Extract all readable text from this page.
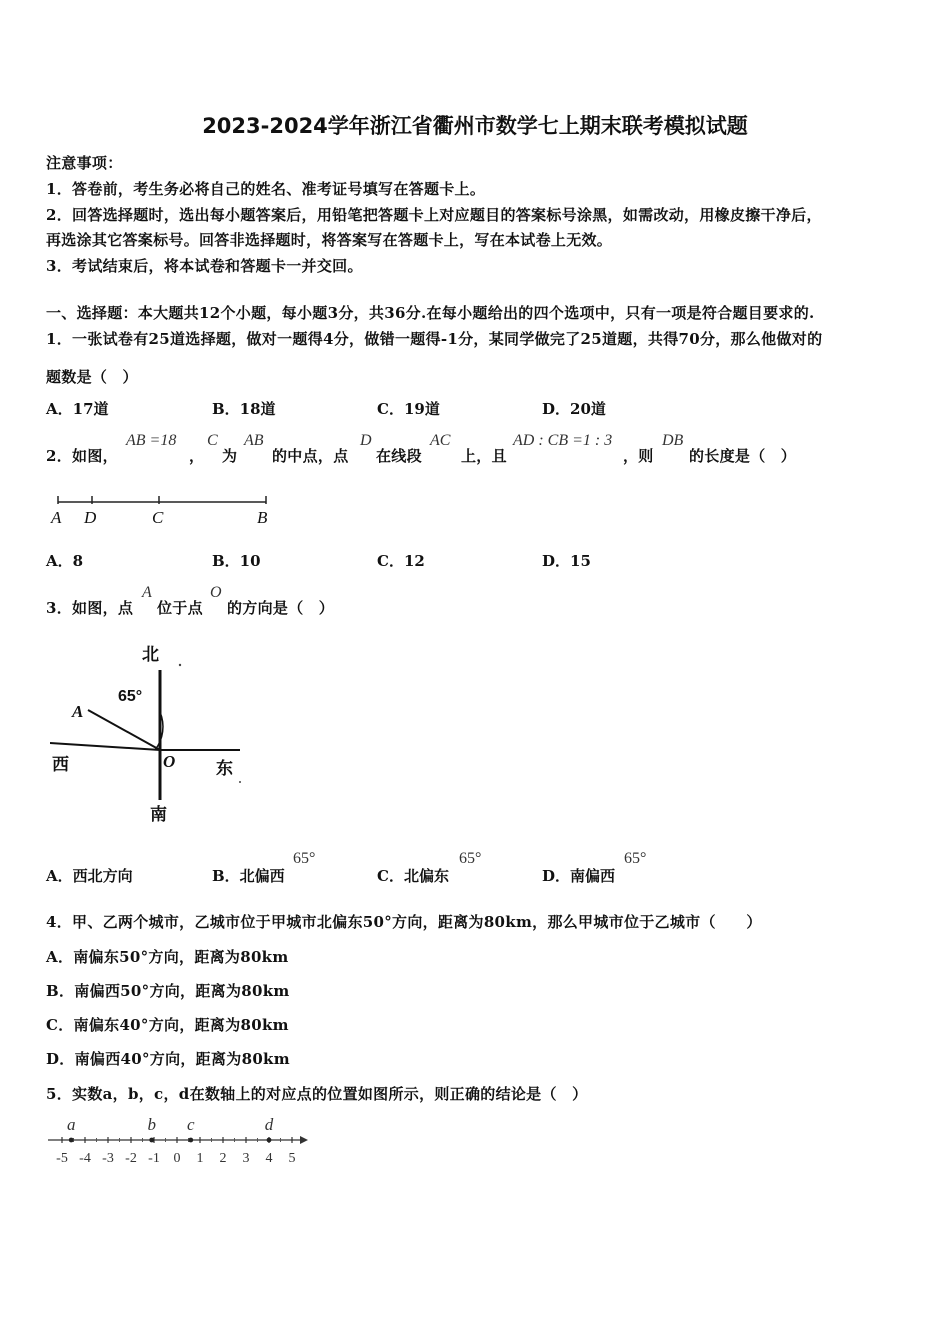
2023-2024学年浙江省衢州市数学七上期末联考模拟试题
注意事项：
1．答卷前，考生务必将自己的姓名、准考证号填写在答题卡上。
2．回答选择题时，选出每小题答案后，用铅笔把答题卡上对应题目的答案标号涂黑，如需改动，用橡皮擦干净后，
再选涂其它答案标号。回答非选择题时，将答案写在答题卡上，写在本试卷上无效。
3．考试结束后，将本试卷和答题卡一并交回。
一、选择题：本大题共12个小题，每小题3分，共36分.在每小题给出的四个选项中，只有一项是符合题目要求的.
1．一张试卷有25道选择题，做对一题得4分，做错一题得-1分，某同学做完了25道题，共得70分，那么他做对的
题数是（　）
A．17道	B．18道	C．19道	D．20道
2．如图，
AB =18
，
C
为
AB
的中点，点
D
在线段
AC
上，且
AD : CB =1 : 3
，则
DB
的长度是（　）
A D	C	B
A．8	B．10	C．12	D．15
3．如图，点
A
位于点
O
的方向是（　）
北
65°
A
西	O 东
南
A．西北方向	B．北偏西
65°
C．北偏东
65°
D．南偏西
65°
4．甲、乙两个城市，乙城市位于甲城市北偏东50°方向，距离为80km，那么甲城市位于乙城市（　　）
A．南偏东50°方向，距离为80km
B．南偏西50°方向，距离为80km
C．南偏东40°方向，距离为80km
D．南偏西40°方向，距离为80km
5．实数a，b，c，d在数轴上的对应点的位置如图所示，则正确的结论是（　）
-5 -4 -3 -2 -1 0 1 2 3 4 5
a	b c	d
